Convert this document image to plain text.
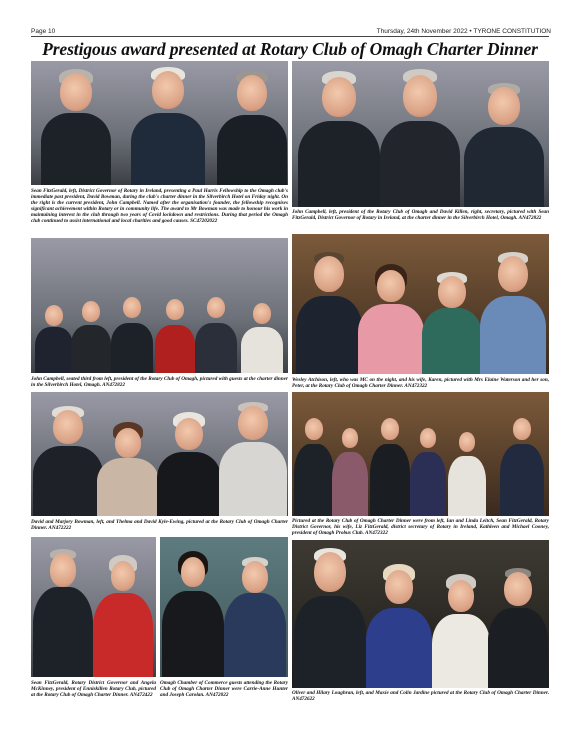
Page 10	Thursday, 24th November 2022 • TYRONE CONSTITUTION
Prestigous award presented at Rotary Club of Omagh Charter Dinner
Sean FitzGerald, left, District Governor of Rotary in Ireland, presenting a Paul Harris Fellowship to the Omagh club's immediate past president, David Bowman, during the club's charter dinner in the Silverbirch Hotel on Friday night. On the right is the current president, John Campbell. Named after the organisation's founder, the fellowship recognises significant achievement within Rotary or in community life. The award to Mr Bowman was made to honour his work in maintaining interest in the club through two years of Covid lockdown and restrictions. During that period the Omagh club continued to assist international and local charities and good causes. SC47202022
John Campbell, left, president of the Rotary Club of Omagh and David Killen, right, secretary, pictured with Sean FitzGerald, District Governor of Rotary in Ireland, at the charter dinner in the Silverbirch Hotel, Omagh. AN472822
John Campbell, seated third from left, president of the Rotary Club of Omagh, pictured with guests at the charter dinner in the Silverbirch Hotel, Omagh. AN472822
Wesley Atchison, left, who was MC on the night, and his wife, Karen, pictured with Mrs Elaine Waterson and her son, Peter, at the Rotary Club of Omagh Charter Dinner. AN472322
David and Marjory Bowman, left, and Thelma and David Kyle-Ewing, pictured at the Rotary Club of Omagh Charter Dinner. AN472222
Pictured at the Rotary Club of Omagh Charter Dinner were from left, Ian and Linda Leitch, Sean FitzGerald, Rotary District Governor, his wife, Liz FitzGerald, district secretary of Rotary in Ireland, Kathleen and Michael Cooney, president of Omagh Probus Club. AN472322
Sean FitzGerald, Rotary District Governor and Angela McKinney, president of Enniskillen Rotary Club, pictured at the Rotary Club of Omagh Charter Dinner. AN472422
Omagh Chamber of Commerce guests attending the Rotary Club of Omagh Charter Dinner were Carrie-Anne Hunter and Joseph Carolan. AN472022	Oliver and Hilary Loughran, left, and Maxie and Colin Jardine pictured at the Rotary Club of Omagh Charter Dinner. AN472622
